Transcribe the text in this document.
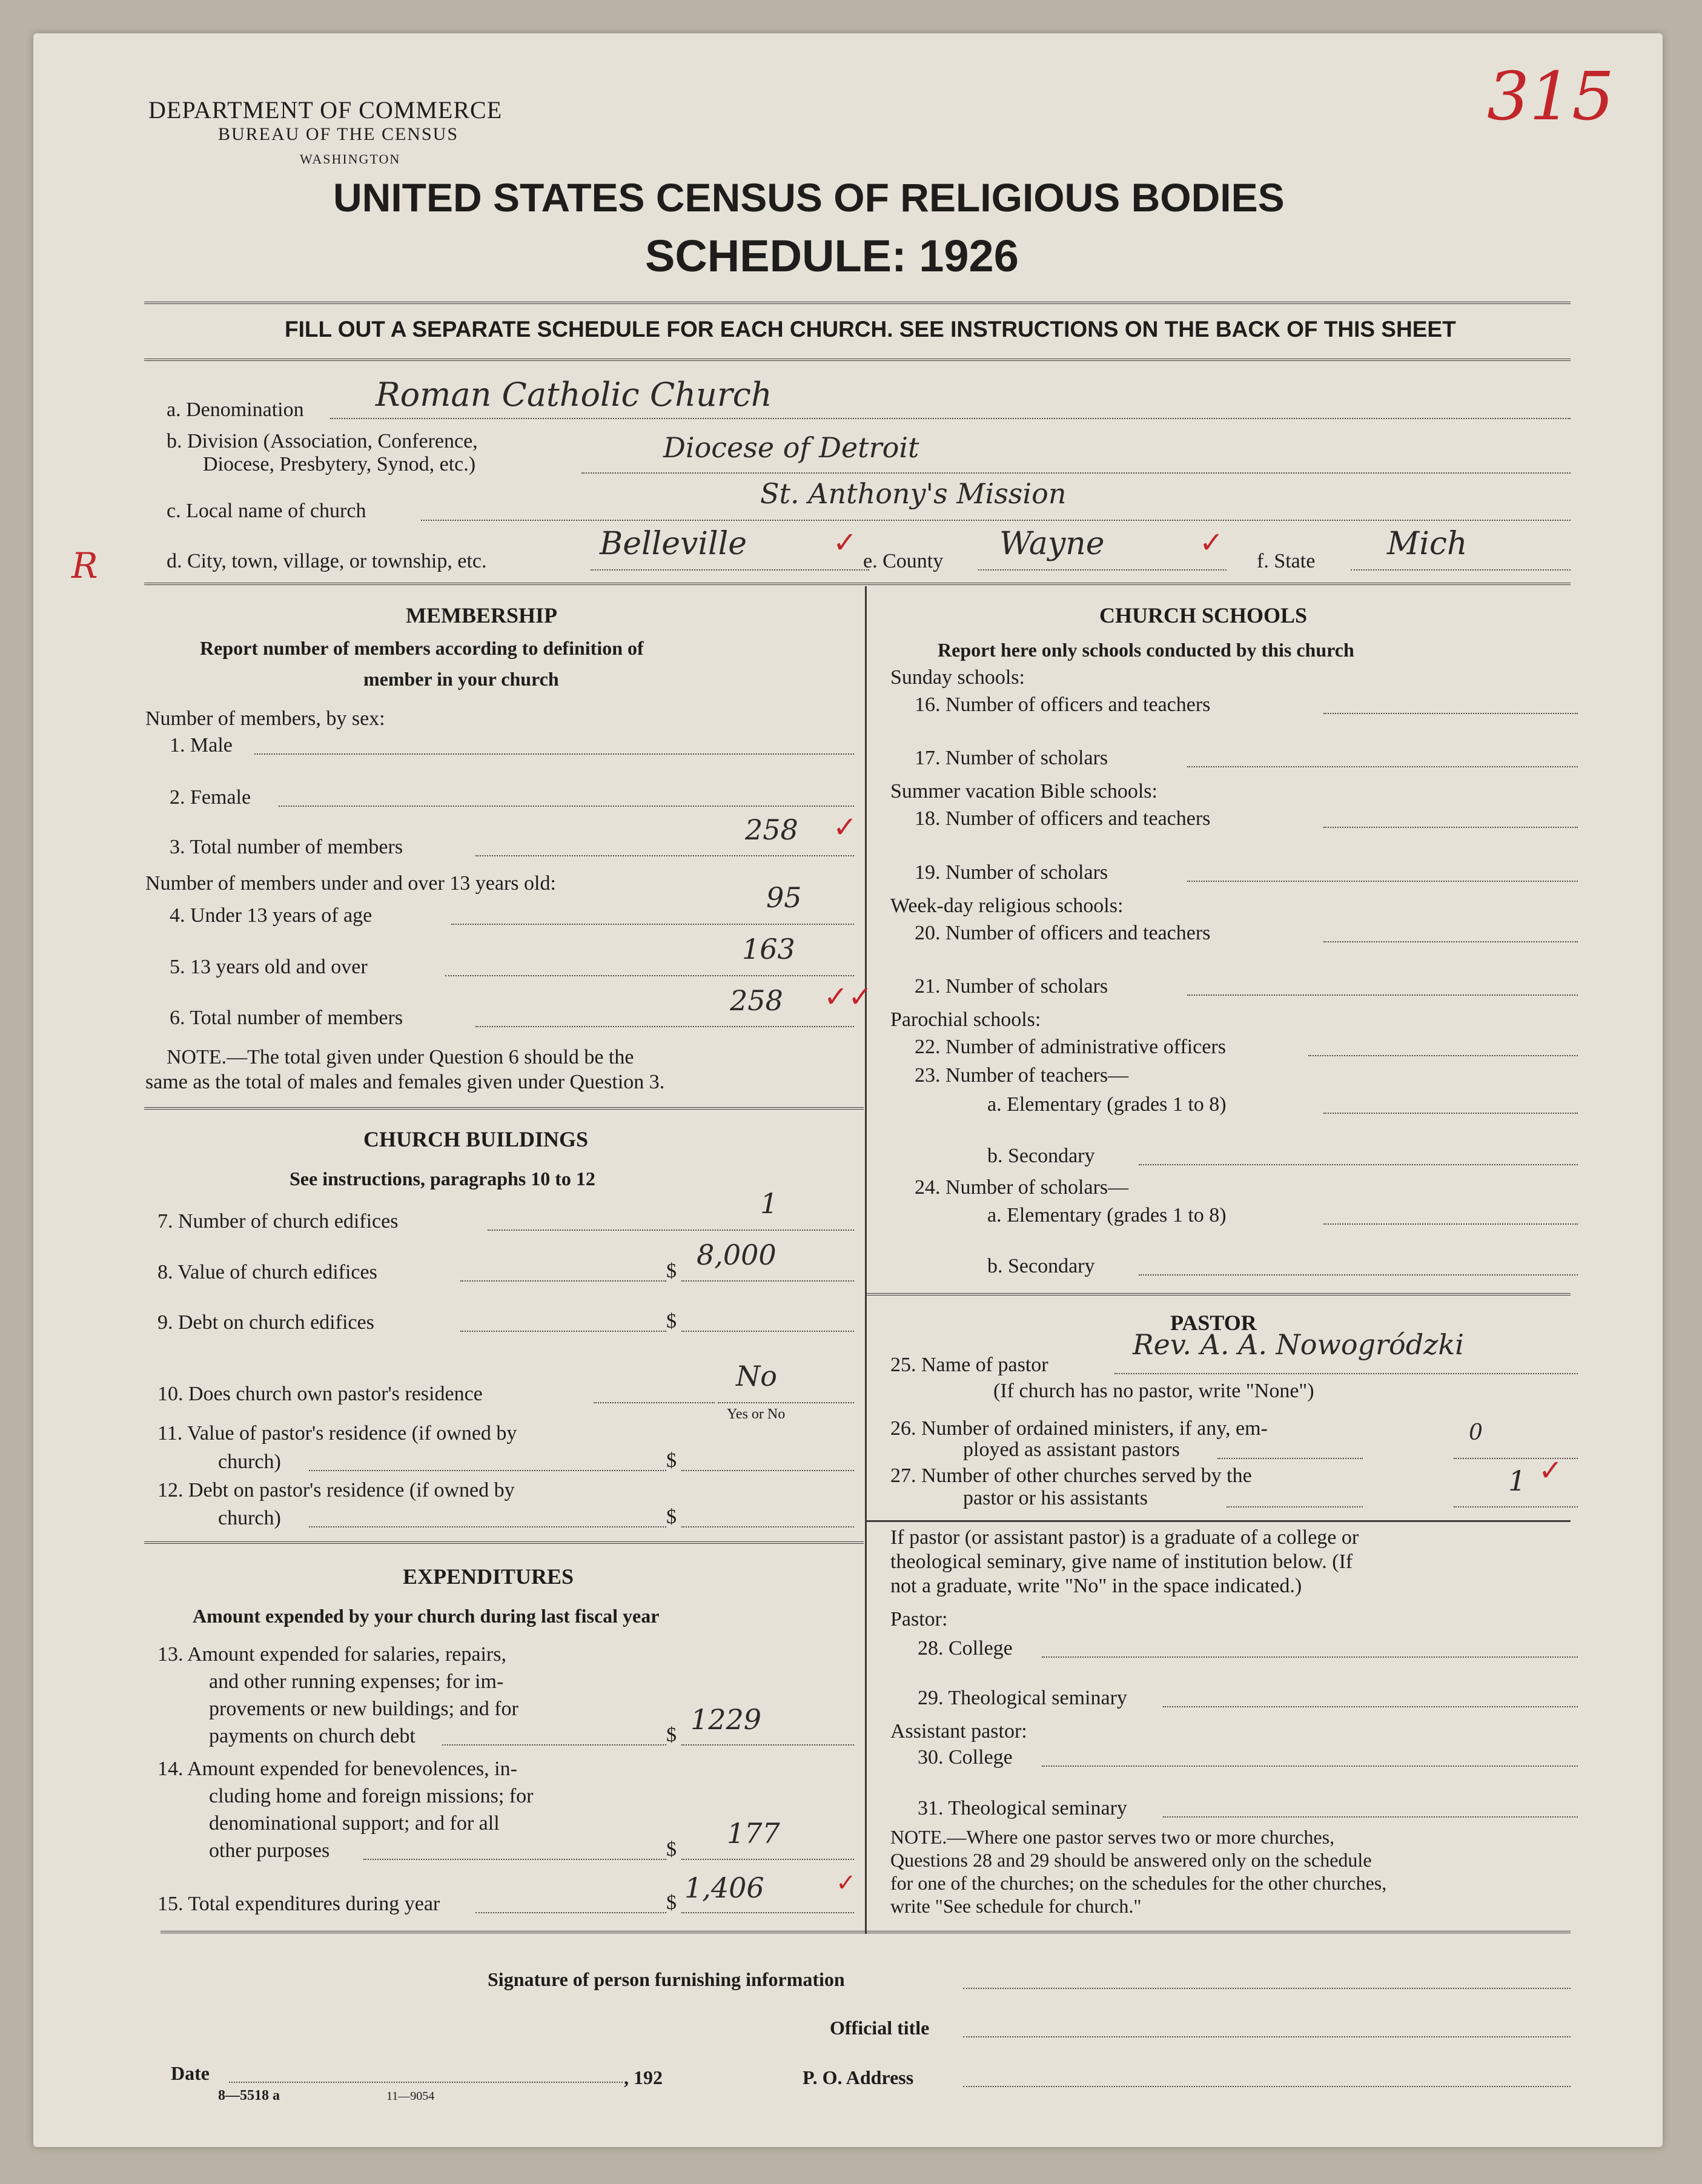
DEPARTMENT OF COMMERCE
BUREAU OF THE CENSUS
WASHINGTON
315
UNITED STATES CENSUS OF RELIGIOUS BODIES
SCHEDULE: 1926
FILL OUT A SEPARATE SCHEDULE FOR EACH CHURCH. SEE INSTRUCTIONS ON THE BACK OF THIS SHEET
a. Denomination Roman Catholic Church
b. Division (Association, Conference,
Diocese, Presbytery, Synod, etc.)
Diocese of Detroit
c. Local name of church
St. Anthony's Mission
R	d. City, town, village, or township, etc.	Belleville	✓
e. County Wayne	✓
f. State Mich
MEMBERSHIP
Report number of members according to definition of
member in your church
Number of members, by sex:
1. Male
2. Female
3. Total number of members
258 ✓
Number of members under and over 13 years old:
4. Under 13 years of age
95
5. 13 years old and over
163
6. Total number of members
258 ✓✓
NOTE.—The total given under Question 6 should be the
same as the total of males and females given under Question 3.
CHURCH BUILDINGS
See instructions, paragraphs 10 to 12
7. Number of church edifices
1
8. Value of church edifices	$ 8,000
9. Debt on church edifices	$
10. Does church own pastor's residence
No
Yes or No
11. Value of pastor's residence (if owned by
church)	$
12. Debt on pastor's residence (if owned by
church)	$
EXPENDITURES
Amount expended by your church during last fiscal year
13. Amount expended for salaries, repairs,
and other running expenses; for im-
provements or new buildings; and for
payments on church debt	$ 1229
14. Amount expended for benevolences, in-
cluding home and foreign missions; for
denominational support; and for all
other purposes	$ 177
15. Total expenditures during year	$ 1,406	✓
CHURCH SCHOOLS
Report here only schools conducted by this church
Sunday schools:
16. Number of officers and teachers
17. Number of scholars
Summer vacation Bible schools:
18. Number of officers and teachers
19. Number of scholars
Week-day religious schools:
20. Number of officers and teachers
21. Number of scholars
Parochial schools:
22. Number of administrative officers
23. Number of teachers—
a. Elementary (grades 1 to 8)
b. Secondary
24. Number of scholars—
a. Elementary (grades 1 to 8)
b. Secondary
PASTOR
25. Name of pastor
Rev. A. A. Nowogródzki
(If church has no pastor, write "None")
26. Number of ordained ministers, if any, em-
ployed as assistant pastors
0
27. Number of other churches served by the
pastor or his assistants
1 ✓
If pastor (or assistant pastor) is a graduate of a college or
theological seminary, give name of institution below. (If
not a graduate, write "No" in the space indicated.)
Pastor:
28. College
29. Theological seminary
Assistant pastor:
30. College
31. Theological seminary
NOTE.—Where one pastor serves two or more churches,
Questions 28 and 29 should be answered only on the schedule
for one of the churches; on the schedules for the other churches,
write "See schedule for church."
Signature of person furnishing information
Official title
Date	, 192	P. O. Address
8—5518 a	11—9054
